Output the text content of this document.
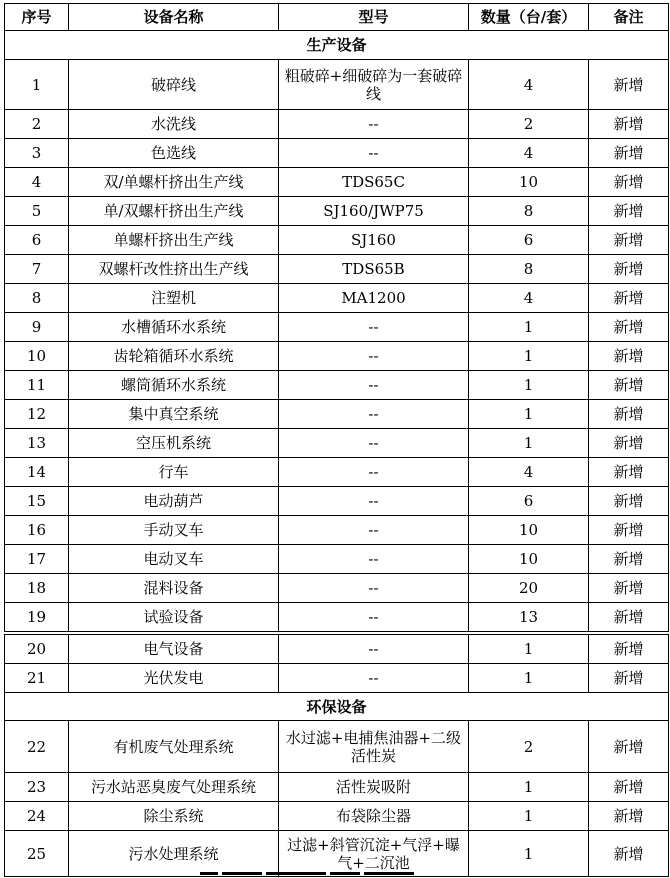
序号	设备名称	型号	数量（台/套）	备注
生产设备				
1	破碎线	粗破碎+细破碎为一套破碎线	4	新增
2	水洗线	--	2	新增
3	色选线	--	4	新增
4	双/单螺杆挤出生产线	TDS65C	10	新增
5	单/双螺杆挤出生产线	SJ160/JWP75	8	新增
6	单螺杆挤出生产线	SJ160	6	新增
7	双螺杆改性挤出生产线	TDS65B	8	新增
8	注塑机	MA1200	4	新增
9	水槽循环水系统	--	1	新增
10	齿轮箱循环水系统	--	1	新增
11	螺筒循环水系统	--	1	新增
12	集中真空系统	--	1	新增
13	空压机系统	--	1	新增
14	行车	--	4	新增
15	电动葫芦	--	6	新增
16	手动叉车	--	10	新增
17	电动叉车	--	10	新增
18	混料设备	--	20	新增
19	试验设备	--	13	新增
20	电气设备	--	1	新增
21	光伏发电	--	1	新增
环保设备				
22	有机废气处理系统	水过滤+电捕焦油器+二级活性炭	2	新增
23	污水站恶臭废气处理系统	活性炭吸附	1	新增
24	除尘系统	布袋除尘器	1	新增
25	污水处理系统	过滤+斜管沉淀+气浮+曝气+二沉池	1	新增
